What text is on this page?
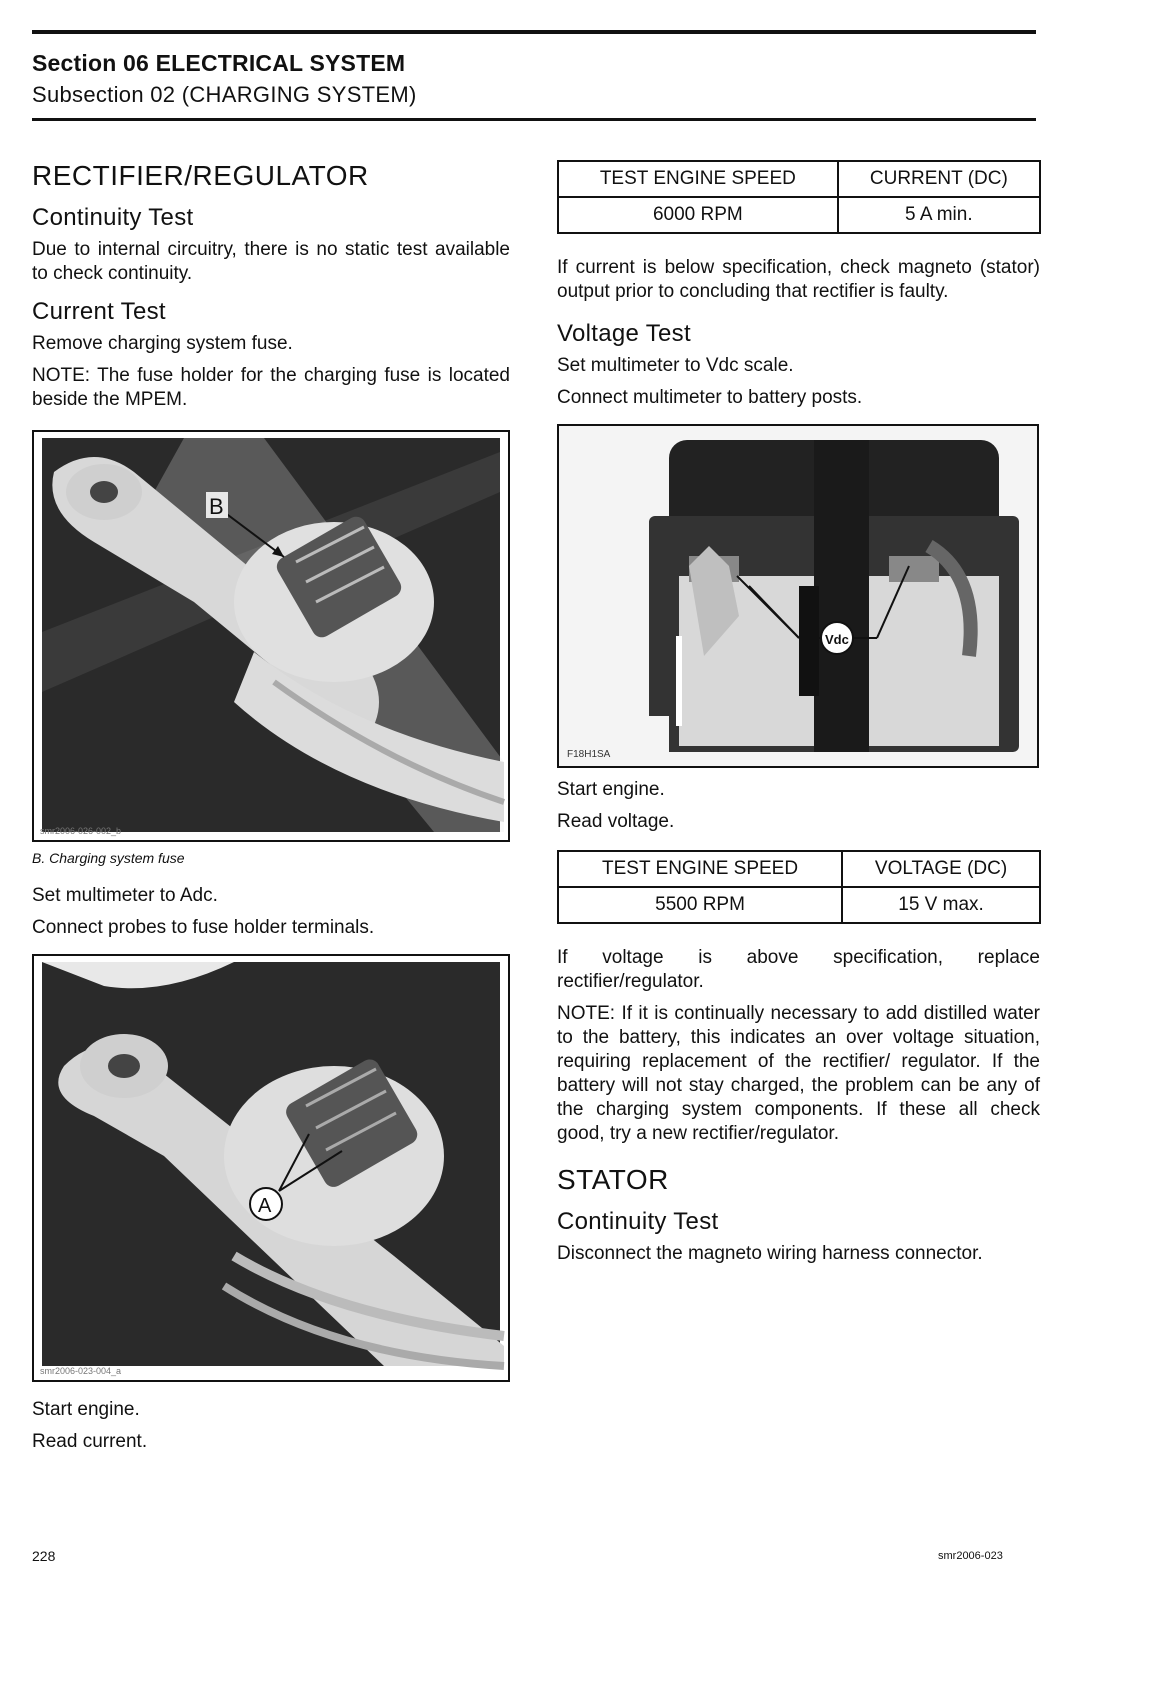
Section 06 ELECTRICAL SYSTEM
Subsection 02 (CHARGING SYSTEM)
RECTIFIER/REGULATOR
Continuity Test

Due to internal circuitry, there is no static test available to check continuity.

Current Test

Remove charging system fuse.

NOTE: The fuse holder for the charging fuse is located beside the MPEM.

B
smr2006-026-002_b
B. Charging system fuse

Set multimeter to Adc.

Connect probes to fuse holder terminals.

A
smr2006-023-004_a

Start engine.

Read current.

TEST ENGINE SPEED	CURRENT (DC)
6000 RPM	5 A min.

If current is below specification, check magneto (stator) output prior to concluding that rectifier is faulty.

Voltage Test

Set multimeter to Vdc scale.

Connect multimeter to battery posts.

Vdc
F18H1SA

Start engine.

Read voltage.

TEST ENGINE SPEED	VOLTAGE (DC)
5500 RPM	15 V max.

If voltage is above specification, replace rectifier/regulator.

NOTE: If it is continually necessary to add distilled water to the battery, this indicates an over voltage situation, requiring replacement of the rectifier/ regulator. If the battery will not stay charged, the problem can be any of the charging system components. If these all check good, try a new rectifier/regulator.

STATOR
Continuity Test

Disconnect the magneto wiring harness connector.

228	smr2006-023
